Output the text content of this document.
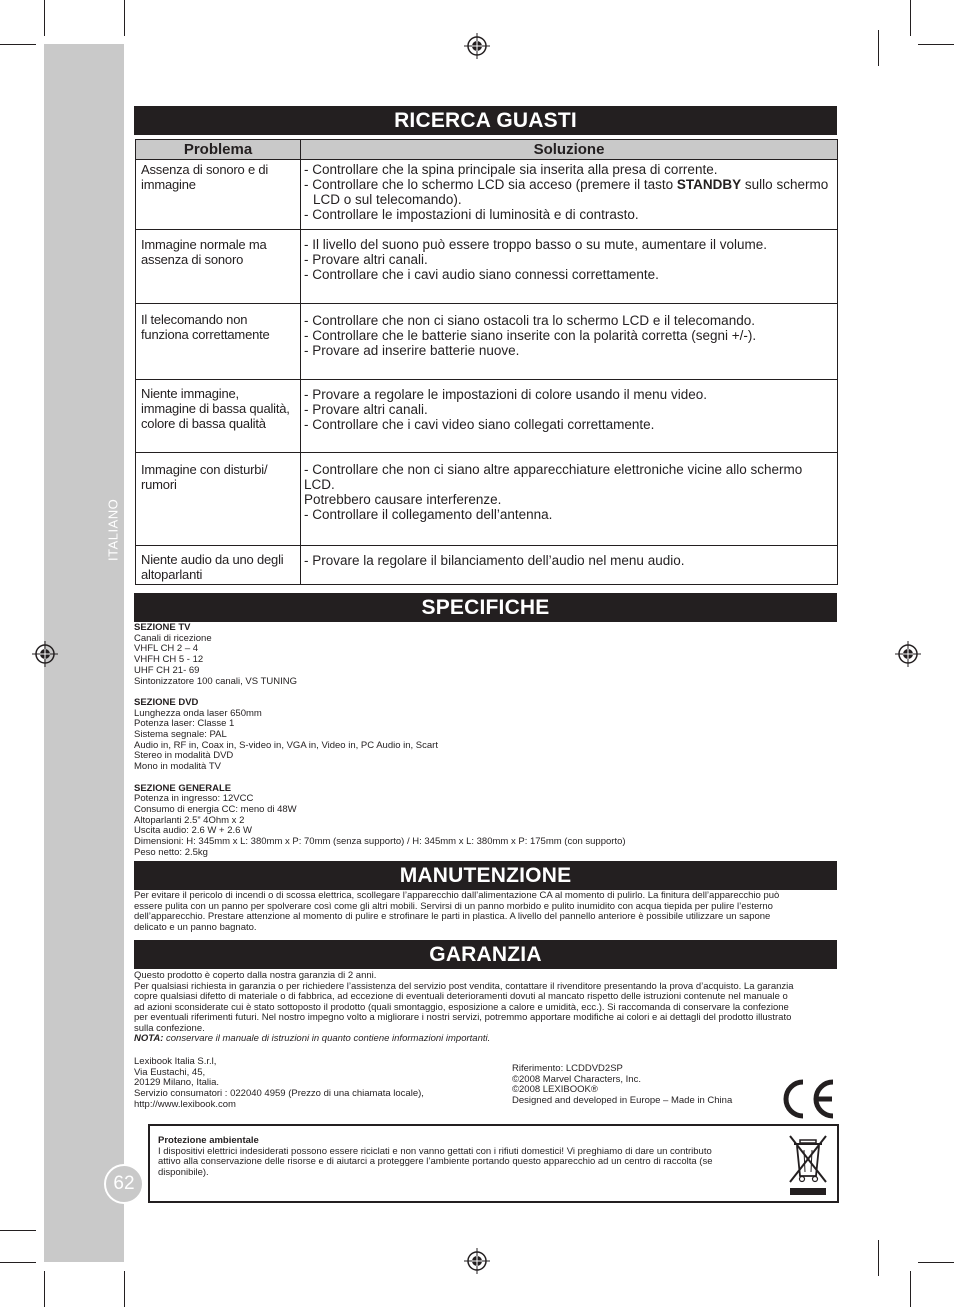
ITALIANO
62
RICERCA GUASTI
Problema	Soluzione
Assenza di sonoro e di immagine	- Controllare che la spina principale sia inserita alla presa di corrente.
- Controllare che lo schermo LCD sia acceso (premere il tasto STANDBY sullo schermo
LCD o sul telecomando).
- Controllare le impostazioni di luminosità e di contrasto.

Immagine normale ma assenza di sonoro	- Il livello del suono può essere troppo basso o su mute, aumentare il volume.
- Provare altri canali.
- Controllare che i cavi audio siano connessi correttamente.

Il telecomando non funziona correttamente	- Controllare che non ci siano ostacoli tra lo schermo LCD e il telecomando.
- Controllare che le batterie siano inserite con la polarità corretta (segni +/-).
- Provare ad inserire batterie nuove.

Niente immagine, immagine di bassa qualità, colore di bassa qualità	- Provare a regolare le impostazioni di colore usando il menu video.
- Provare altri canali.
- Controllare che i cavi video siano collegati correttamente.

Immagine con disturbi/ rumori	- Controllare che non ci siano altre apparecchiature elettroniche vicine allo schermo LCD.
Potrebbero causare interferenze.
- Controllare il collegamento dell’antenna.

Niente audio da uno degli altoparlanti	- Provare la regolare il bilanciamento dell’audio nel menu audio.
SPECIFICHE
SEZIONE TV
Canali di ricezione
VHFL CH 2 – 4
VHFH CH 5 - 12
UHF CH 21- 69
Sintonizzatore 100 canali, VS TUNING
SEZIONE DVD
Lunghezza onda laser 650mm
Potenza laser: Classe 1
Sistema segnale: PAL
Audio in, RF in, Coax in, S-video in, VGA in, Video in, PC Audio in, Scart
Stereo in modalità DVD
Mono in modalità TV
SEZIONE GENERALE
Potenza in ingresso: 12VCC
Consumo di energia CC: meno di 48W
Altoparlanti 2.5” 4Ohm x 2
Uscita audio: 2.6 W + 2.6 W
Dimensioni: H: 345mm x L: 380mm x P: 70mm (senza supporto) / H: 345mm x L: 380mm x P: 175mm (con supporto)
Peso netto: 2.5kg
MANUTENZIONE
Per evitare il pericolo di incendi o di scossa elettrica, scollegare l’apparecchio dall’alimentazione CA al momento di pulirlo. La finitura dell’apparecchio può
essere pulita con un panno per spolverare così come gli altri mobili. Servirsi di un panno morbido e pulito inumidito con acqua tiepida per pulire l’esterno
dell’apparecchio. Prestare attenzione al momento di pulire e strofinare le parti in plastica. A livello del pannello anteriore è possibile utilizzare un sapone
delicato e un panno bagnato.
GARANZIA
Questo prodotto è coperto dalla nostra garanzia di 2 anni.
Per qualsiasi richiesta in garanzia o per richiedere l’assistenza del servizio post vendita, contattare il rivenditore presentando la prova d’acquisto. La garanzia
copre qualsiasi difetto di materiale o di fabbrica, ad eccezione di eventuali deterioramenti dovuti al mancato rispetto delle istruzioni contenute nel manuale o
ad azioni sconsiderate cui è stato sottoposto il prodotto (quali smontaggio, esposizione a calore e umidità, ecc.). Si raccomanda di conservare la confezione
per eventuali riferimenti futuri. Nel nostro impegno volto a migliorare i nostri servizi, potremmo apportare modifiche ai colori e ai dettagli del prodotto illustrato
sulla confezione.
NOTA: conservare il manuale di istruzioni in quanto contiene informazioni importanti.
Lexibook Italia S.r.l,
Via Eustachi, 45,
20129 Milano, Italia.
Servizio consumatori : 022040 4959 (Prezzo di una chiamata locale),
http://www.lexibook.com
Riferimento: LCDDVD2SP
©2008 Marvel Characters, Inc.
©2008 LEXIBOOK®
Designed and developed in Europe – Made in China
Protezione ambientale
I dispositivi elettrici indesiderati possono essere riciclati e non vanno gettati con i rifiuti domestici! Vi preghiamo di dare un contributo
attivo alla conservazione delle risorse e di aiutarci a proteggere l’ambiente portando questo apparecchio ad un centro di raccolta (se
disponibile).
